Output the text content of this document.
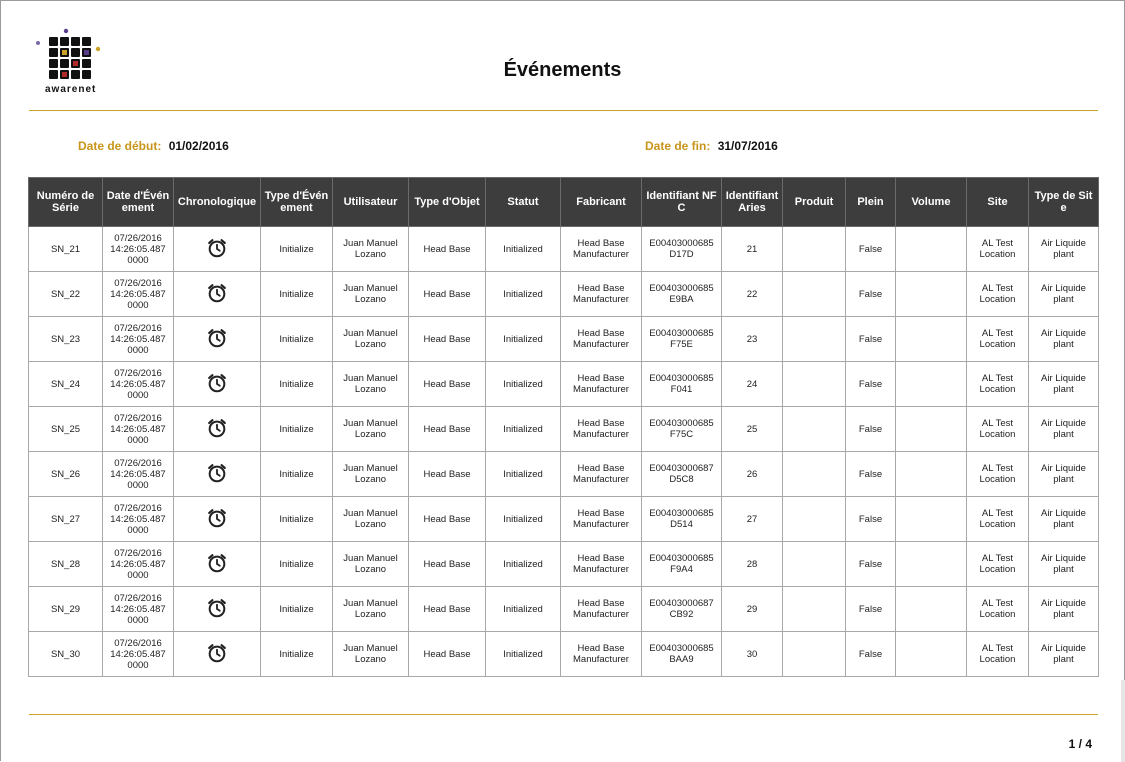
awarenet
Événements
Date de début: 01/02/2016	Date de fin: 31/07/2016
Numéro de Série	Date d'Événement	Chronologique	Type d'Événement	Utilisateur	Type d'Objet	Statut	Fabricant	Identifiant NFC	Identifiant Aries	Produit	Plein	Volume	Site	Type de Site
SN_21	07/26/2016 14:26:05.487 0000		Initialize	Juan Manuel Lozano	Head Base	Initialized	Head Base Manufacturer	E00403000685 D17D	21		False		AL Test Location	Air Liquide plant
SN_22	07/26/2016 14:26:05.487 0000		Initialize	Juan Manuel Lozano	Head Base	Initialized	Head Base Manufacturer	E00403000685 E9BA	22		False		AL Test Location	Air Liquide plant
SN_23	07/26/2016 14:26:05.487 0000		Initialize	Juan Manuel Lozano	Head Base	Initialized	Head Base Manufacturer	E00403000685 F75E	23		False		AL Test Location	Air Liquide plant
SN_24	07/26/2016 14:26:05.487 0000		Initialize	Juan Manuel Lozano	Head Base	Initialized	Head Base Manufacturer	E00403000685 F041	24		False		AL Test Location	Air Liquide plant
SN_25	07/26/2016 14:26:05.487 0000		Initialize	Juan Manuel Lozano	Head Base	Initialized	Head Base Manufacturer	E00403000685 F75C	25		False		AL Test Location	Air Liquide plant
SN_26	07/26/2016 14:26:05.487 0000		Initialize	Juan Manuel Lozano	Head Base	Initialized	Head Base Manufacturer	E00403000687 D5C8	26		False		AL Test Location	Air Liquide plant
SN_27	07/26/2016 14:26:05.487 0000		Initialize	Juan Manuel Lozano	Head Base	Initialized	Head Base Manufacturer	E00403000685 D514	27		False		AL Test Location	Air Liquide plant
SN_28	07/26/2016 14:26:05.487 0000		Initialize	Juan Manuel Lozano	Head Base	Initialized	Head Base Manufacturer	E00403000685 F9A4	28		False		AL Test Location	Air Liquide plant
SN_29	07/26/2016 14:26:05.487 0000		Initialize	Juan Manuel Lozano	Head Base	Initialized	Head Base Manufacturer	E00403000687 CB92	29		False		AL Test Location	Air Liquide plant
SN_30	07/26/2016 14:26:05.487 0000		Initialize	Juan Manuel Lozano	Head Base	Initialized	Head Base Manufacturer	E00403000685 BAA9	30		False		AL Test Location	Air Liquide plant
1 / 4
